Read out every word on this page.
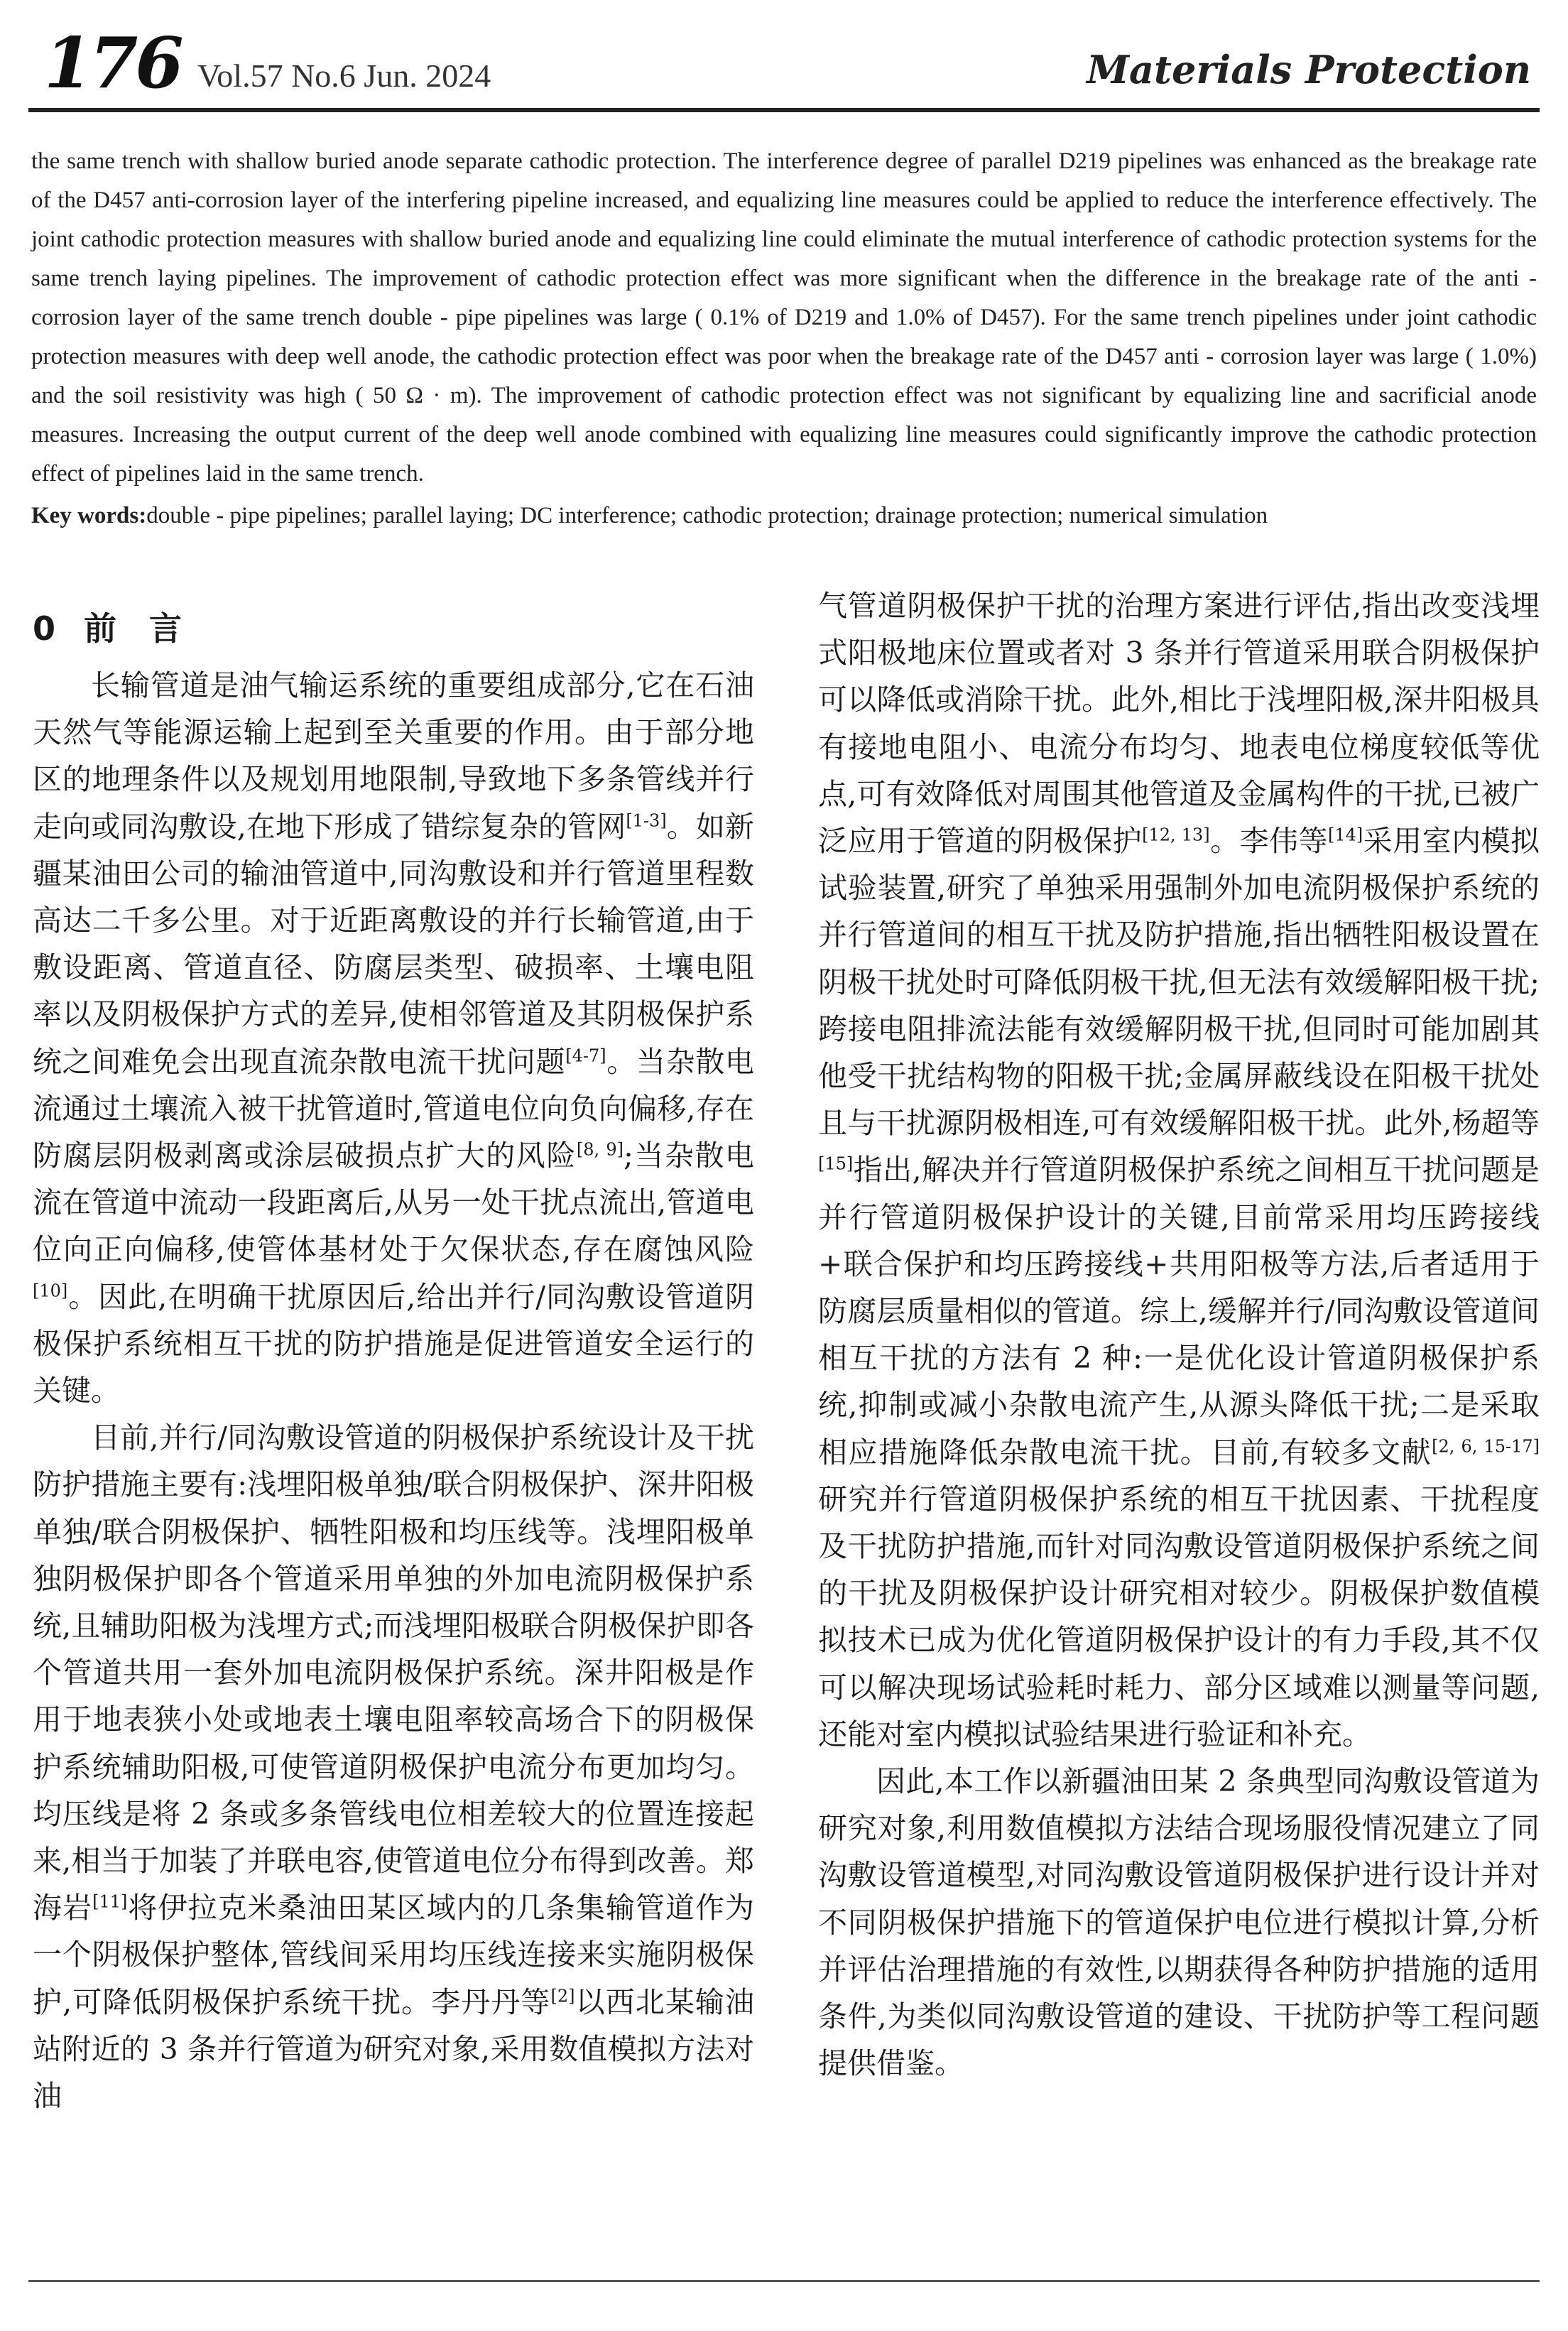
176 Vol.57 No.6 Jun. 2024	Materials Protection

the same trench with shallow buried anode separate cathodic protection. The interference degree of parallel D219 pipelines was enhanced as the breakage rate of the D457 anti-corrosion layer of the interfering pipeline increased, and equalizing line measures could be applied to reduce the interference effectively. The joint cathodic protection measures with shallow buried anode and equalizing line could eliminate the mutual interference of cathodic protection systems for the same trench laying pipelines. The improvement of cathodic protection effect was more significant when the difference in the breakage rate of the anti - corrosion layer of the same trench double - pipe pipelines was large ( 0.1% of D219 and 1.0% of D457). For the same trench pipelines under joint cathodic protection measures with deep well anode, the cathodic protection effect was poor when the breakage rate of the D457 anti - corrosion layer was large ( 1.0%) and the soil resistivity was high ( 50 Ω · m). The improvement of cathodic protection effect was not significant by equalizing line and sacrificial anode measures. Increasing the output current of the deep well anode combined with equalizing line measures could significantly improve the cathodic protection effect of pipelines laid in the same trench.

Key words:double - pipe pipelines; parallel laying; DC interference; cathodic protection; drainage protection; numerical simulation

0 前　言

长输管道是油气输运系统的重要组成部分,它在石油天然气等能源运输上起到至关重要的作用。由于部分地区的地理条件以及规划用地限制,导致地下多条管线并行走向或同沟敷设,在地下形成了错综复杂的管网[1-3]。如新疆某油田公司的输油管道中,同沟敷设和并行管道里程数高达二千多公里。对于近距离敷设的并行长输管道,由于敷设距离、管道直径、防腐层类型、破损率、土壤电阻率以及阴极保护方式的差异,使相邻管道及其阴极保护系统之间难免会出现直流杂散电流干扰问题[4-7]。当杂散电流通过土壤流入被干扰管道时,管道电位向负向偏移,存在防腐层阴极剥离或涂层破损点扩大的风险[8, 9];当杂散电流在管道中流动一段距离后,从另一处干扰点流出,管道电位向正向偏移,使管体基材处于欠保状态,存在腐蚀风险[10]。因此,在明确干扰原因后,给出并行/同沟敷设管道阴极保护系统相互干扰的防护措施是促进管道安全运行的关键。

目前,并行/同沟敷设管道的阴极保护系统设计及干扰防护措施主要有:浅埋阳极单独/联合阴极保护、深井阳极单独/联合阴极保护、牺牲阳极和均压线等。浅埋阳极单独阴极保护即各个管道采用单独的外加电流阴极保护系统,且辅助阳极为浅埋方式;而浅埋阳极联合阴极保护即各个管道共用一套外加电流阴极保护系统。深井阳极是作用于地表狭小处或地表土壤电阻率较高场合下的阴极保护系统辅助阳极,可使管道阴极保护电流分布更加均匀。均压线是将 2 条或多条管线电位相差较大的位置连接起来,相当于加装了并联电容,使管道电位分布得到改善。郑海岩[11]将伊拉克米桑油田某区域内的几条集输管道作为一个阴极保护整体,管线间采用均压线连接来实施阴极保护,可降低阴极保护系统干扰。李丹丹等[2]以西北某输油站附近的 3 条并行管道为研究对象,采用数值模拟方法对油

气管道阴极保护干扰的治理方案进行评估,指出改变浅埋式阳极地床位置或者对 3 条并行管道采用联合阴极保护可以降低或消除干扰。此外,相比于浅埋阳极,深井阳极具有接地电阻小、电流分布均匀、地表电位梯度较低等优点,可有效降低对周围其他管道及金属构件的干扰,已被广泛应用于管道的阴极保护[12, 13]。李伟等[14]采用室内模拟试验装置,研究了单独采用强制外加电流阴极保护系统的并行管道间的相互干扰及防护措施,指出牺牲阳极设置在阴极干扰处时可降低阴极干扰,但无法有效缓解阳极干扰;跨接电阻排流法能有效缓解阴极干扰,但同时可能加剧其他受干扰结构物的阳极干扰;金属屏蔽线设在阳极干扰处且与干扰源阴极相连,可有效缓解阳极干扰。此外,杨超等[15]指出,解决并行管道阴极保护系统之间相互干扰问题是并行管道阴极保护设计的关键,目前常采用均压跨接线+联合保护和均压跨接线+共用阳极等方法,后者适用于防腐层质量相似的管道。综上,缓解并行/同沟敷设管道间相互干扰的方法有 2 种:一是优化设计管道阴极保护系统,抑制或减小杂散电流产生,从源头降低干扰;二是采取相应措施降低杂散电流干扰。目前,有较多文献[2, 6, 15-17]研究并行管道阴极保护系统的相互干扰因素、干扰程度及干扰防护措施,而针对同沟敷设管道阴极保护系统之间的干扰及阴极保护设计研究相对较少。阴极保护数值模拟技术已成为优化管道阴极保护设计的有力手段,其不仅可以解决现场试验耗时耗力、部分区域难以测量等问题,还能对室内模拟试验结果进行验证和补充。

因此,本工作以新疆油田某 2 条典型同沟敷设管道为研究对象,利用数值模拟方法结合现场服役情况建立了同沟敷设管道模型,对同沟敷设管道阴极保护进行设计并对不同阴极保护措施下的管道保护电位进行模拟计算,分析并评估治理措施的有效性,以期获得各种防护措施的适用条件,为类似同沟敷设管道的建设、干扰防护等工程问题提供借鉴。
